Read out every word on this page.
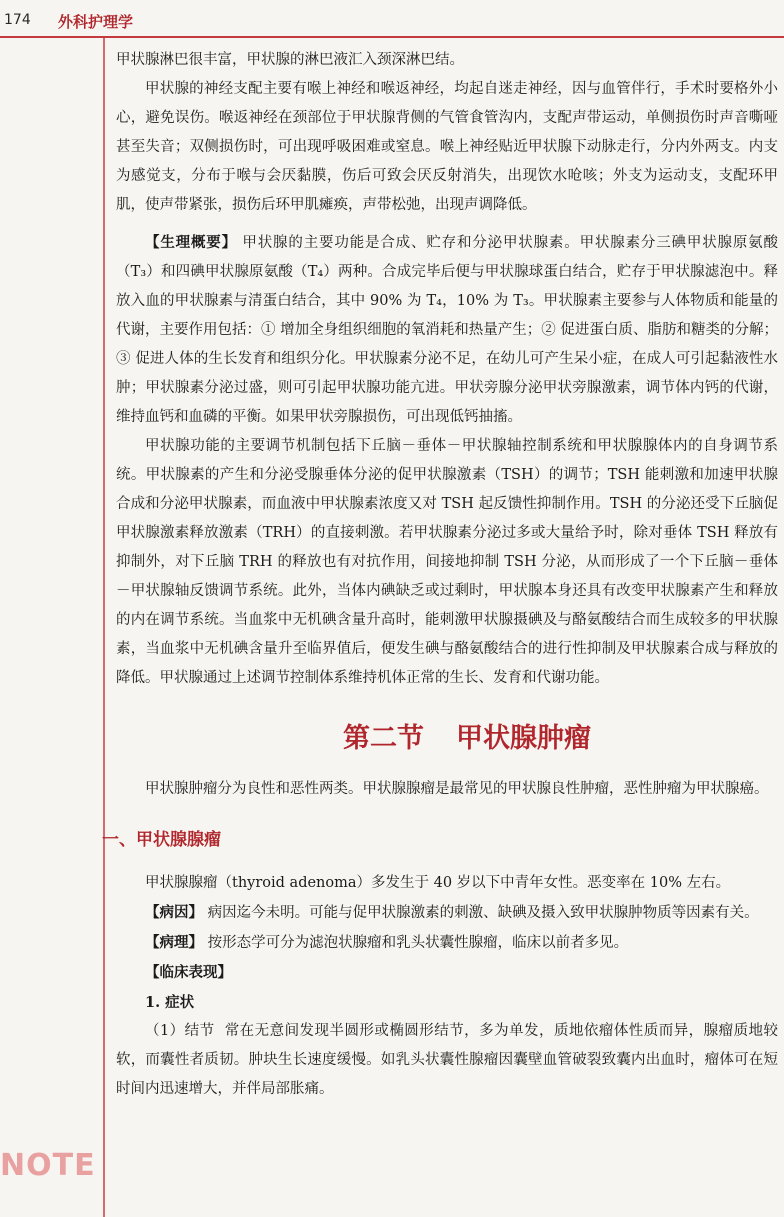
174 外科护理学
NOTE

甲状腺淋巴很丰富，甲状腺的淋巴液汇入颈深淋巴结。

甲状腺的神经支配主要有喉上神经和喉返神经，均起自迷走神经，因与血管伴行，手术时要格外小心，避免误伤。喉返神经在颈部位于甲状腺背侧的气管食管沟内，支配声带运动，单侧损伤时声音嘶哑甚至失音；双侧损伤时，可出现呼吸困难或窒息。喉上神经贴近甲状腺下动脉走行，分内外两支。内支为感觉支，分布于喉与会厌黏膜，伤后可致会厌反射消失，出现饮水呛咳；外支为运动支，支配环甲肌，使声带紧张，损伤后环甲肌瘫痪，声带松弛，出现声调降低。

【生理概要】 甲状腺的主要功能是合成、贮存和分泌甲状腺素。甲状腺素分三碘甲状腺原氨酸（T₃）和四碘甲状腺原氨酸（T₄）两种。合成完毕后便与甲状腺球蛋白结合，贮存于甲状腺滤泡中。释放入血的甲状腺素与清蛋白结合，其中 90% 为 T₄，10% 为 T₃。甲状腺素主要参与人体物质和能量的代谢，主要作用包括：① 增加全身组织细胞的氧消耗和热量产生；② 促进蛋白质、脂肪和糖类的分解；③ 促进人体的生长发育和组织分化。甲状腺素分泌不足，在幼儿可产生呆小症，在成人可引起黏液性水肿；甲状腺素分泌过盛，则可引起甲状腺功能亢进。甲状旁腺分泌甲状旁腺激素，调节体内钙的代谢，维持血钙和血磷的平衡。如果甲状旁腺损伤，可出现低钙抽搐。

甲状腺功能的主要调节机制包括下丘脑－垂体－甲状腺轴控制系统和甲状腺腺体内的自身调节系统。甲状腺素的产生和分泌受腺垂体分泌的促甲状腺激素（TSH）的调节；TSH 能刺激和加速甲状腺合成和分泌甲状腺素，而血液中甲状腺素浓度又对 TSH 起反馈性抑制作用。TSH 的分泌还受下丘脑促甲状腺激素释放激素（TRH）的直接刺激。若甲状腺素分泌过多或大量给予时，除对垂体 TSH 释放有抑制外，对下丘脑 TRH 的释放也有对抗作用，间接地抑制 TSH 分泌，从而形成了一个下丘脑－垂体－甲状腺轴反馈调节系统。此外，当体内碘缺乏或过剩时，甲状腺本身还具有改变甲状腺素产生和释放的内在调节系统。当血浆中无机碘含量升高时，能刺激甲状腺摄碘及与酪氨酸结合而生成较多的甲状腺素，当血浆中无机碘含量升至临界值后，便发生碘与酪氨酸结合的进行性抑制及甲状腺素合成与释放的降低。甲状腺通过上述调节控制体系维持机体正常的生长、发育和代谢功能。

第二节 甲状腺肿瘤

甲状腺肿瘤分为良性和恶性两类。甲状腺腺瘤是最常见的甲状腺良性肿瘤，恶性肿瘤为甲状腺癌。

一、甲状腺腺瘤

甲状腺腺瘤（thyroid adenoma）多发生于 40 岁以下中青年女性。恶变率在 10% 左右。

【病因】 病因迄今未明。可能与促甲状腺激素的刺激、缺碘及摄入致甲状腺肿物质等因素有关。

【病理】 按形态学可分为滤泡状腺瘤和乳头状囊性腺瘤，临床以前者多见。

【临床表现】

1. 症状

（1）结节 常在无意间发现半圆形或椭圆形结节，多为单发，质地依瘤体性质而异，腺瘤质地较软，而囊性者质韧。肿块生长速度缓慢。如乳头状囊性腺瘤因囊壁血管破裂致囊内出血时，瘤体可在短时间内迅速增大，并伴局部胀痛。
